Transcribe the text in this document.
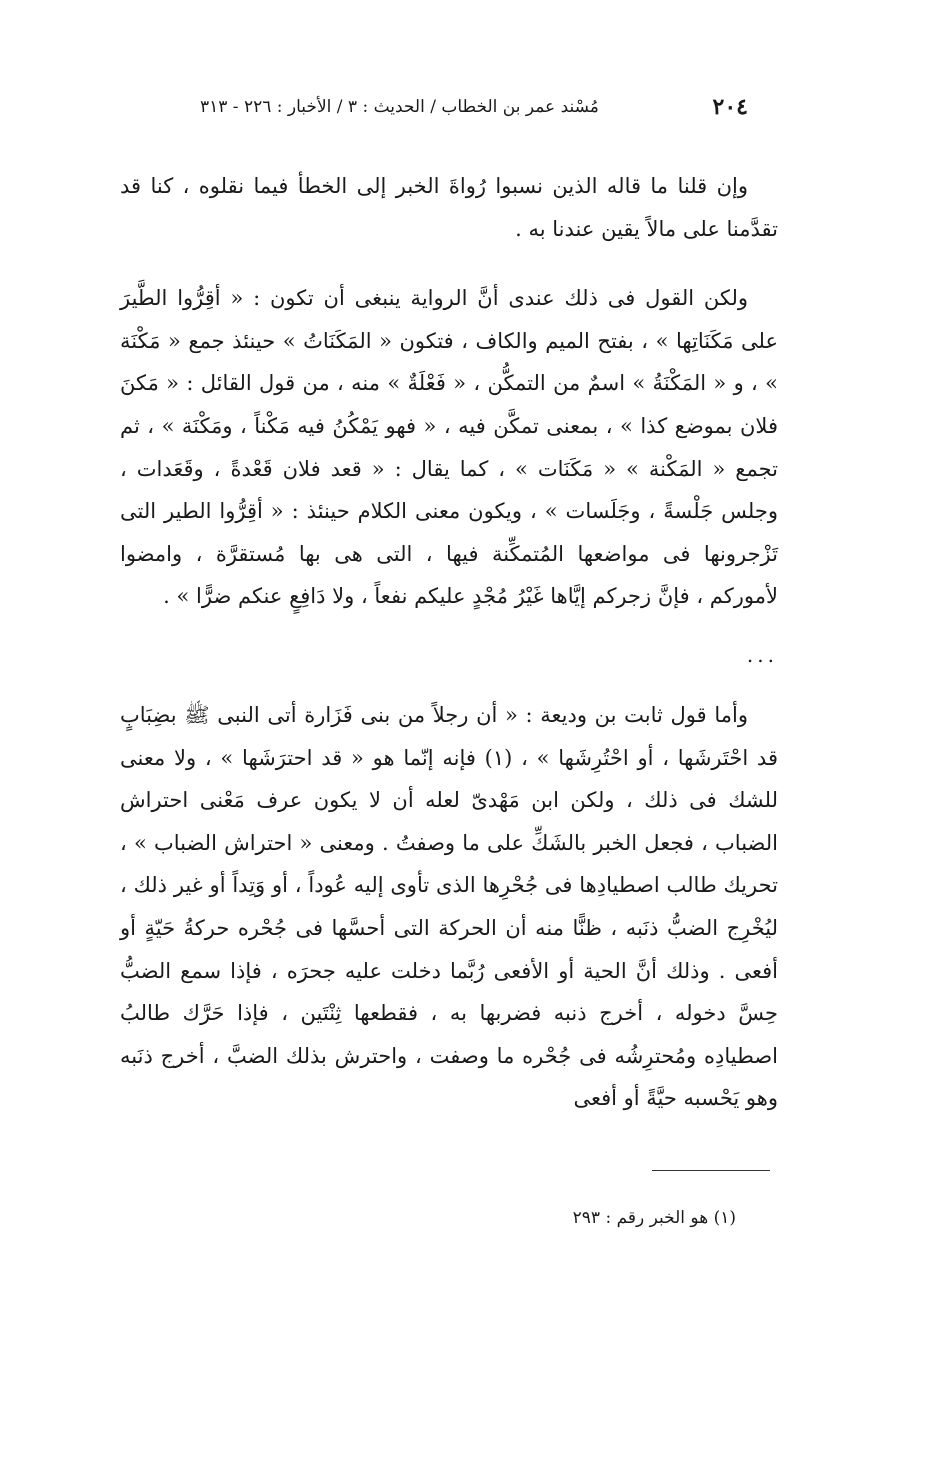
٢٠٤
مُسْند عمر بن الخطاب / الحديث : ٣ / الأخبار : ٢٢٦ - ٣١٣

وإن قلنا ما قاله الذين نسبوا رُواةَ الخبر إلى الخطأ فيما نقلوه ، كنا قد تقدَّمنا على مالاً يقين عندنا به .

ولكن القول فى ذلك عندى أنَّ الرواية ينبغى أن تكون : « أقِرُّوا الطَّيرَ على مَكَنَاتِها » ، بفتح الميم والكاف ، فتكون « المَكَنَاتُ » حينئذ جمع « مَكْنَة » ، و « المَكْنَةُ » اسمٌ من التمكُّن ، « فَعْلَةٌ » منه ، من قول القائل : « مَكنَ فلان بموضع كذا » ، بمعنى تمكَّن فيه ، « فهو يَمْكُنُ فيه مَكْناً ، ومَكْنَة » ، ثم تجمع « المَكْنة » « مَكَنَات » ، كما يقال : « قعد فلان قَعْدةً ، وقَعَدات ، وجلس جَلْسةً ، وجَلَسات » ، ويكون معنى الكلام حينئذ : « أقِرُّوا الطير التى تَزْجرونها فى مواضعها المُتمكِّنة فيها ، التى هى بها مُستقرَّة ، وامضوا لأموركم ، فإنَّ زجركم إيَّاها غَيْرُ مُجْدٍ عليكم نفعاً ، ولا دَافِعٍ عنكم ضرًّا » .

...

وأما قول ثابت بن وديعة : « أن رجلاً من بنى فَزَارة أتى النبى ﷺ بضِبَابٍ قد احْتَرشَها ، أو احْتُرِشَها » ، (١) فإنه إنّما هو « قد احترَشَها » ، ولا معنى للشك فى ذلك ، ولكن ابن مَهْدىّ لعله أن لا يكون عرف مَعْنى احتراش الضباب ، فجعل الخبر بالشَكِّ على ما وصفتُ . ومعنى « احتراش الضباب » ، تحريك طالب اصطيادِها فى جُحْرِها الذى تأوى إليه عُوداً ، أو وَتِداً أو غير ذلك ، ليُخْرِج الضبُّ ذنَبه ، ظنًّا منه أن الحركة التى أحسَّها فى جُحْره حركةُ حَيّةٍ أو أفعى . وذلك أنَّ الحية أو الأفعى رُبَّما دخلت عليه جحرَه ، فإذا سمع الضبُّ حِسَّ دخوله ، أخرج ذنبه فضربها به ، فقطعها ثِنْتَين ، فإذا حَرَّك طالبُ اصطيادِه ومُحترِشُه فى جُحْره ما وصفت ، واحترش بذلك الضبَّ ، أخرج ذنَبه وهو يَحْسبه حيَّةً أو أفعى

(١) هو الخبر رقم : ٢٩٣
